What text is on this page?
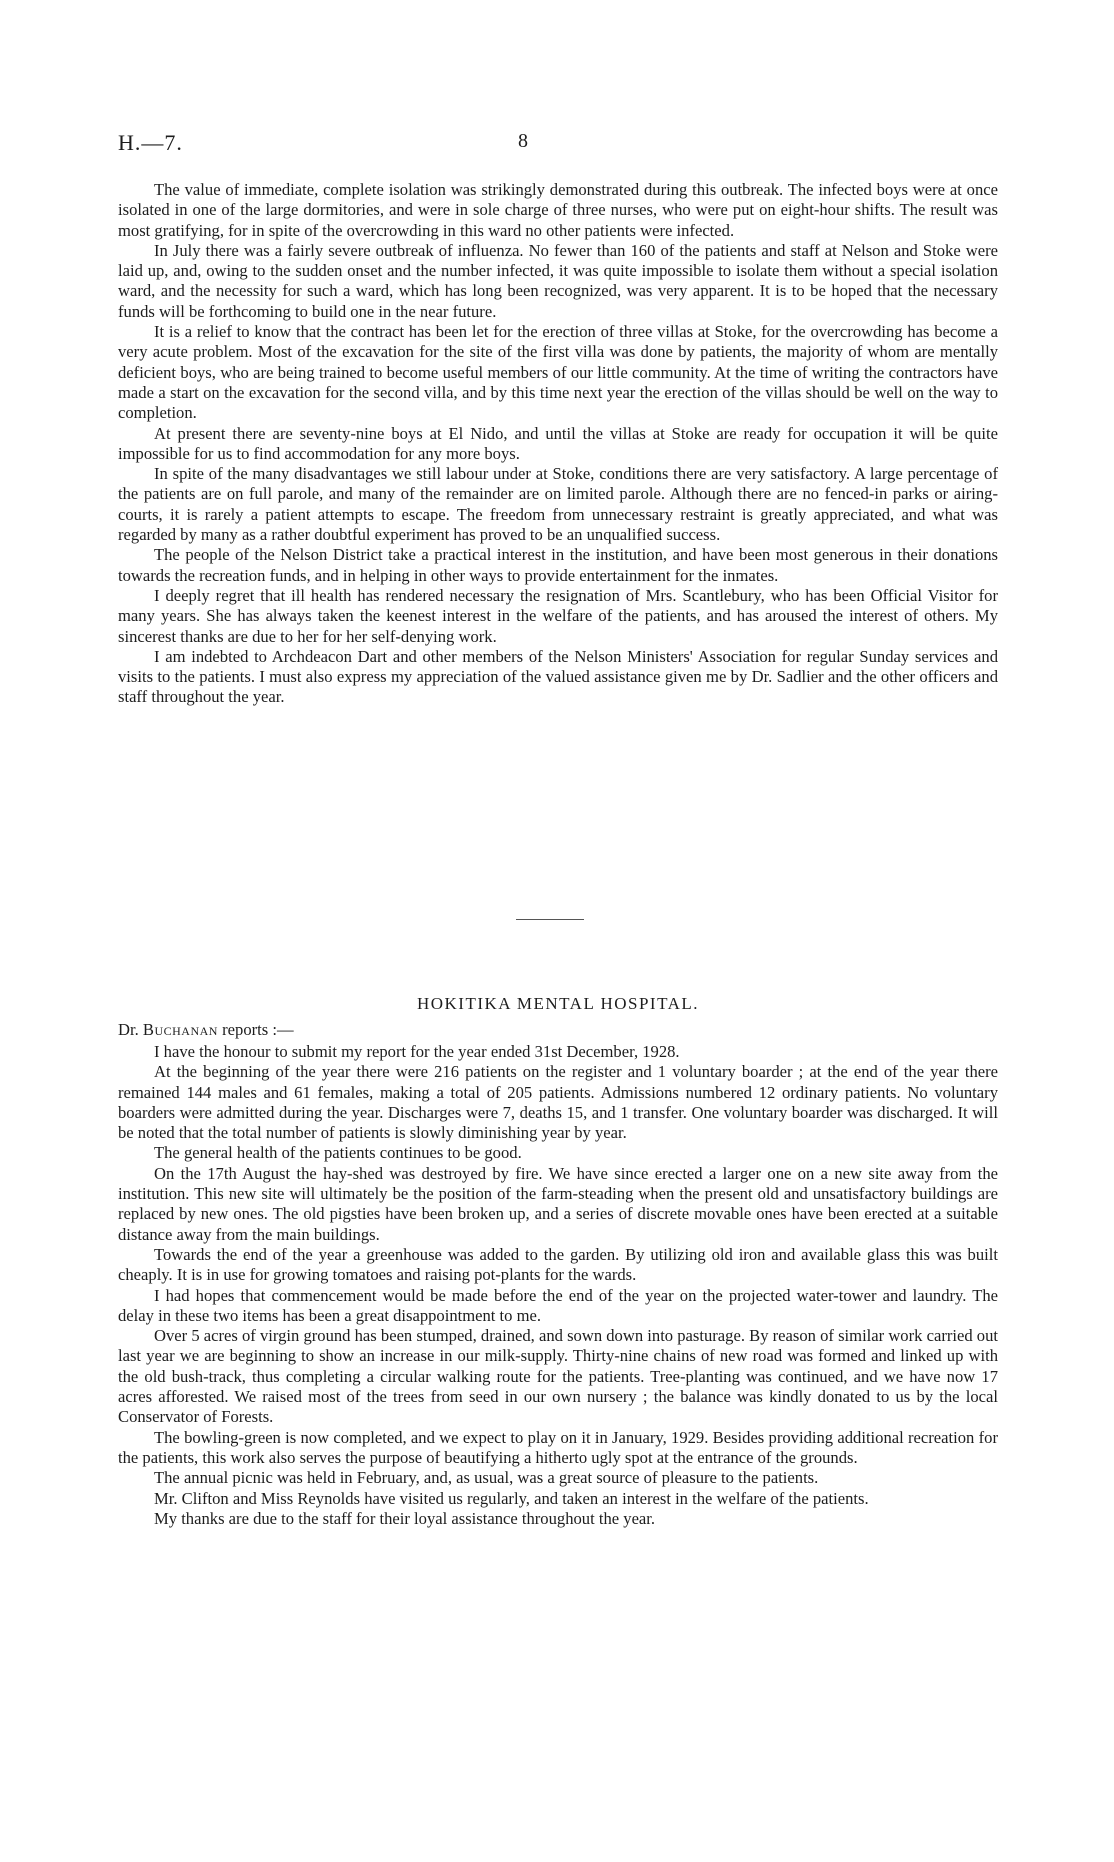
H.—7.	8

The value of immediate, complete isolation was strikingly demonstrated during this outbreak. The infected boys were at once isolated in one of the large dormitories, and were in sole charge of three nurses, who were put on eight-hour shifts. The result was most gratifying, for in spite of the overcrowding in this ward no other patients were infected.

In July there was a fairly severe outbreak of influenza. No fewer than 160 of the patients and staff at Nelson and Stoke were laid up, and, owing to the sudden onset and the number infected, it was quite impossible to isolate them without a special isolation ward, and the necessity for such a ward, which has long been recognized, was very apparent. It is to be hoped that the necessary funds will be forthcoming to build one in the near future.

It is a relief to know that the contract has been let for the erection of three villas at Stoke, for the overcrowding has become a very acute problem. Most of the excavation for the site of the first villa was done by patients, the majority of whom are mentally deficient boys, who are being trained to become useful members of our little community. At the time of writing the contractors have made a start on the excavation for the second villa, and by this time next year the erection of the villas should be well on the way to completion.

At present there are seventy-nine boys at El Nido, and until the villas at Stoke are ready for occupation it will be quite impossible for us to find accommodation for any more boys.

In spite of the many disadvantages we still labour under at Stoke, conditions there are very satisfactory. A large percentage of the patients are on full parole, and many of the remainder are on limited parole. Although there are no fenced-in parks or airing-courts, it is rarely a patient attempts to escape. The freedom from unnecessary restraint is greatly appreciated, and what was regarded by many as a rather doubtful experiment has proved to be an unqualified success.

The people of the Nelson District take a practical interest in the institution, and have been most generous in their donations towards the recreation funds, and in helping in other ways to provide entertainment for the inmates.

I deeply regret that ill health has rendered necessary the resignation of Mrs. Scantlebury, who has been Official Visitor for many years. She has always taken the keenest interest in the welfare of the patients, and has aroused the interest of others. My sincerest thanks are due to her for her self-denying work.

I am indebted to Archdeacon Dart and other members of the Nelson Ministers' Association for regular Sunday services and visits to the patients. I must also express my appreciation of the valued assistance given me by Dr. Sadlier and the other officers and staff throughout the year.

HOKITIKA MENTAL HOSPITAL.
Dr. Buchanan reports :—

I have the honour to submit my report for the year ended 31st December, 1928.

At the beginning of the year there were 216 patients on the register and 1 voluntary boarder ; at the end of the year there remained 144 males and 61 females, making a total of 205 patients. Admissions numbered 12 ordinary patients. No voluntary boarders were admitted during the year. Discharges were 7, deaths 15, and 1 transfer. One voluntary boarder was discharged. It will be noted that the total number of patients is slowly diminishing year by year.

The general health of the patients continues to be good.

On the 17th August the hay-shed was destroyed by fire. We have since erected a larger one on a new site away from the institution. This new site will ultimately be the position of the farm-steading when the present old and unsatisfactory buildings are replaced by new ones. The old pigsties have been broken up, and a series of discrete movable ones have been erected at a suitable distance away from the main buildings.

Towards the end of the year a greenhouse was added to the garden. By utilizing old iron and available glass this was built cheaply. It is in use for growing tomatoes and raising pot-plants for the wards.

I had hopes that commencement would be made before the end of the year on the projected water-tower and laundry. The delay in these two items has been a great disappointment to me.

Over 5 acres of virgin ground has been stumped, drained, and sown down into pasturage. By reason of similar work carried out last year we are beginning to show an increase in our milk-supply. Thirty-nine chains of new road was formed and linked up with the old bush-track, thus completing a circular walking route for the patients. Tree-planting was continued, and we have now 17 acres afforested. We raised most of the trees from seed in our own nursery ; the balance was kindly donated to us by the local Conservator of Forests.

The bowling-green is now completed, and we expect to play on it in January, 1929. Besides providing additional recreation for the patients, this work also serves the purpose of beautifying a hitherto ugly spot at the entrance of the grounds.

The annual picnic was held in February, and, as usual, was a great source of pleasure to the patients.

Mr. Clifton and Miss Reynolds have visited us regularly, and taken an interest in the welfare of the patients.

My thanks are due to the staff for their loyal assistance throughout the year.
